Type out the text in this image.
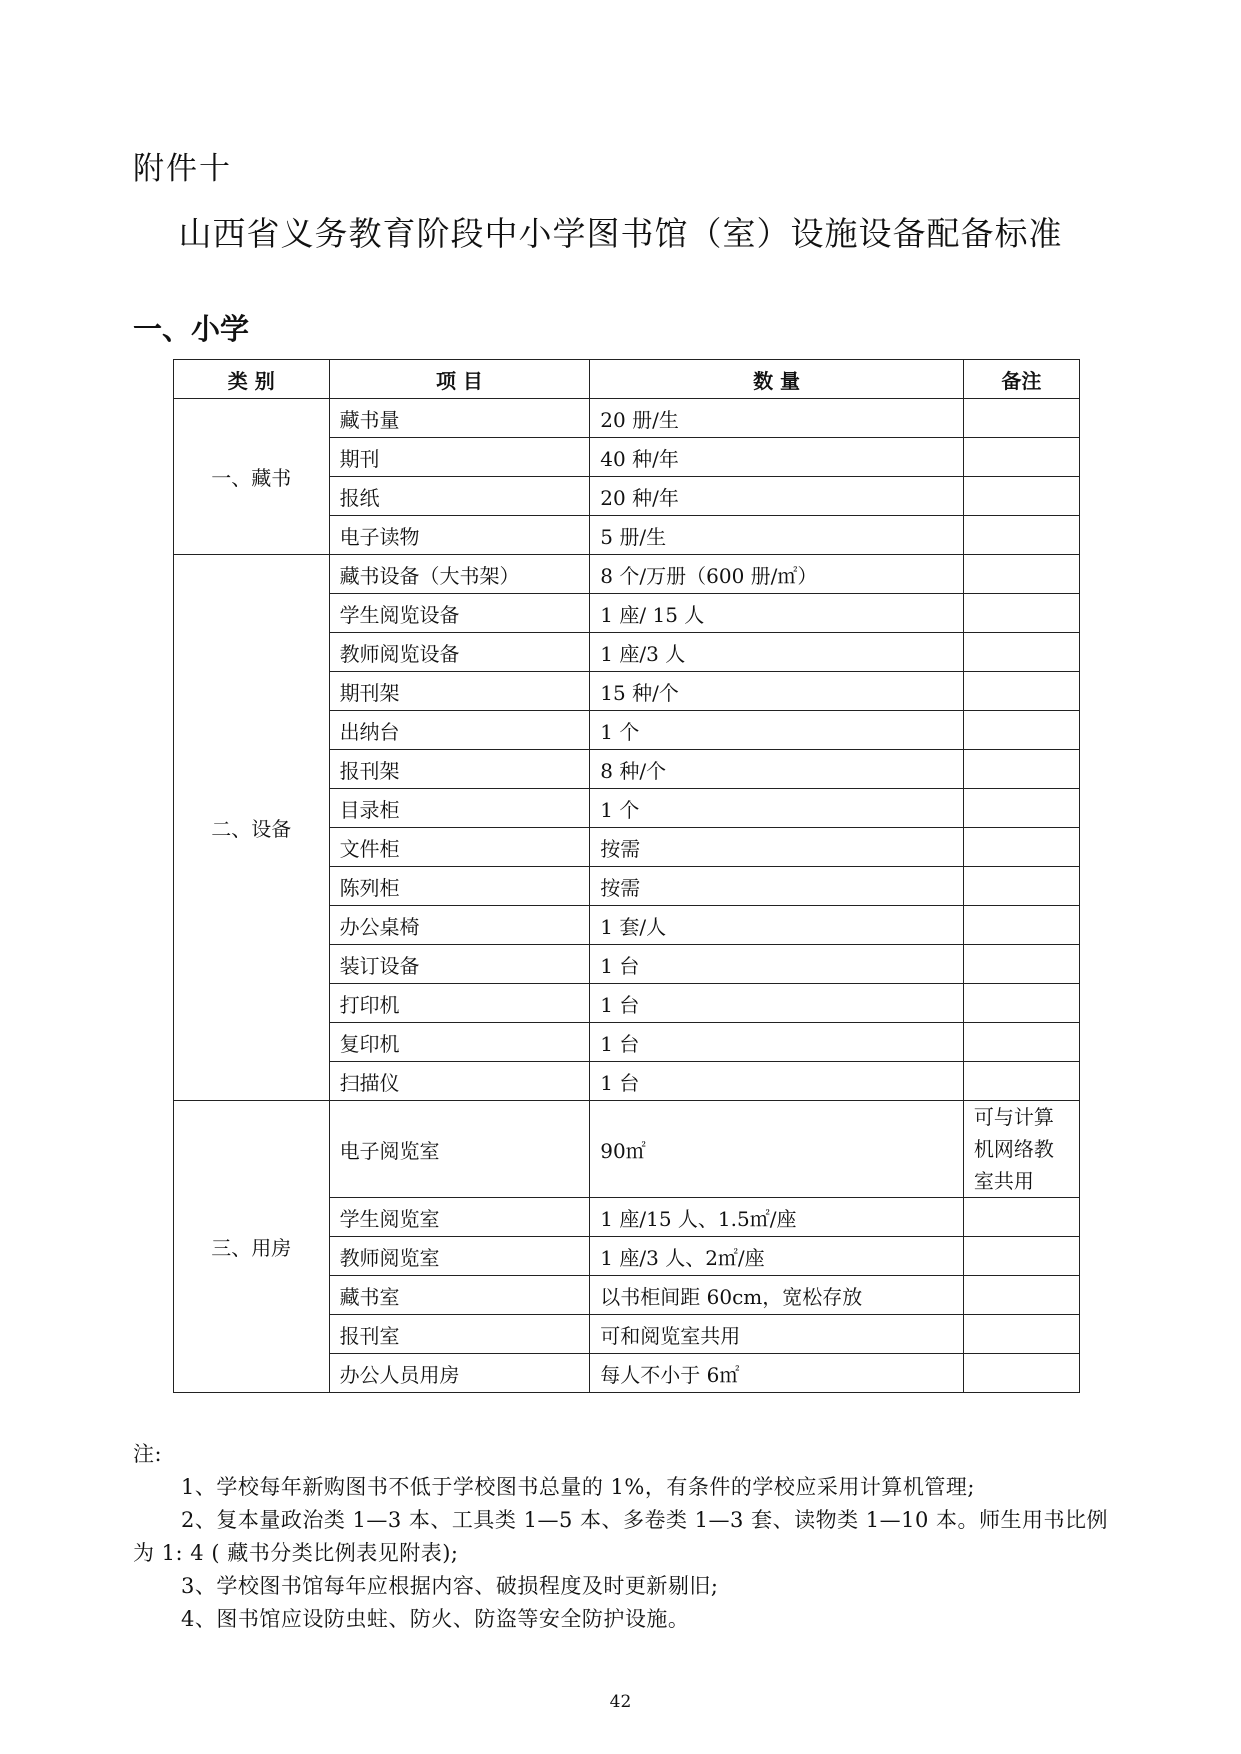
附件十
山西省义务教育阶段中小学图书馆（室）设施设备配备标准
一、小学
类 别	项 目	数 量	备注
一、藏书	藏书量	20 册/生	
	期刊	40 种/年	
	报纸	20 种/年	
	电子读物	5 册/生	
二、设备	藏书设备（大书架）	8 个/万册（600 册/㎡）	
	学生阅览设备	1 座/ 15 人	
	教师阅览设备	1 座/3 人	
	期刊架	15 种/个	
	出纳台	1 个	
	报刊架	8 种/个	
	目录柜	1 个	
	文件柜	按需	
	陈列柜	按需	
	办公桌椅	1 套/人	
	装订设备	1 台	
	打印机	1 台	
	复印机	1 台	
	扫描仪	1 台	
三、用房	电子阅览室	90㎡	可与计算机网络教室共用
	学生阅览室	1 座/15 人、1.5㎡/座	
	教师阅览室	1 座/3 人、2㎡/座	
	藏书室	以书柜间距 60cm，宽松存放	
	报刊室	可和阅览室共用	
	办公人员用房	每人不小于 6㎡	
注:
1、学校每年新购图书不低于学校图书总量的 1%，有条件的学校应采用计算机管理;
2、复本量政治类 1—3 本、工具类 1—5 本、多卷类 1—3 套、读物类 1—10 本。师生用书比例为 1: 4 ( 藏书分类比例表见附表);
3、学校图书馆每年应根据内容、破损程度及时更新剔旧;
4、图书馆应设防虫蛀、防火、防盗等安全防护设施。
42
